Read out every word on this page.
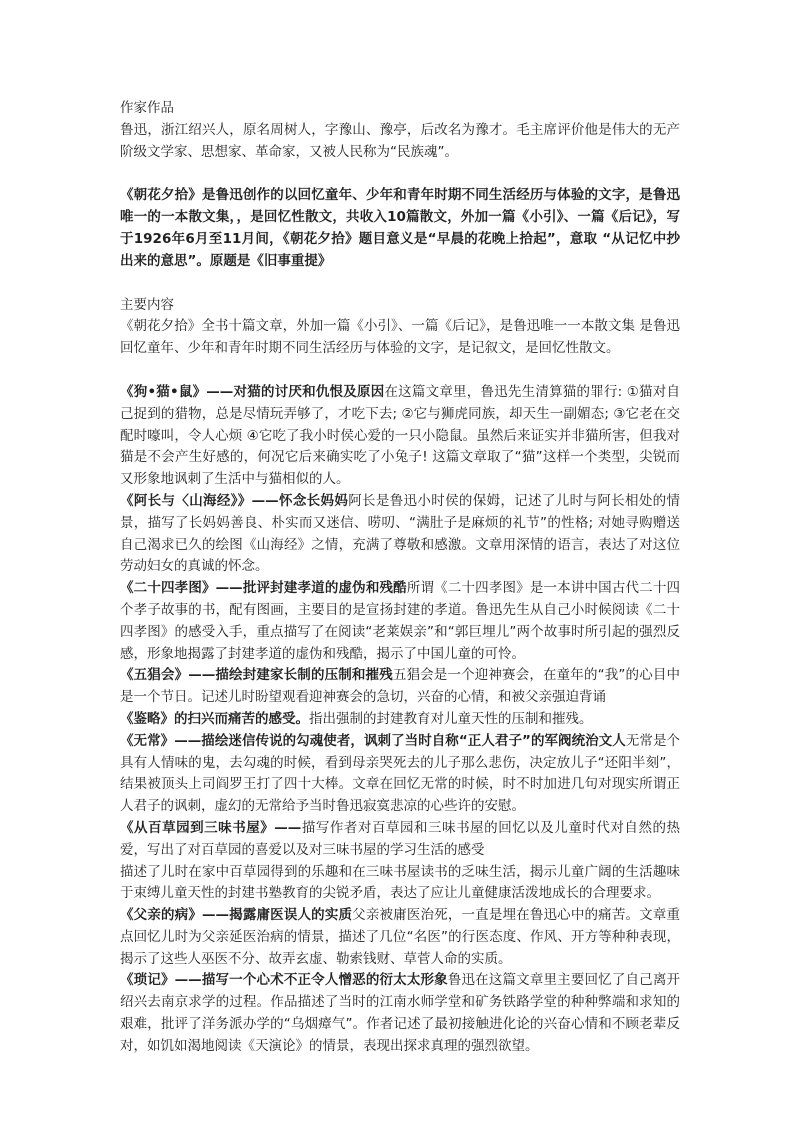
作家作品
鲁迅，浙江绍兴人，原名周树人，字豫山、豫亭，后改名为豫才。毛主席评价他是伟大的无产阶级文学家、思想家、革命家，又被人民称为“民族魂”。
《朝花夕拾》是鲁迅创作的以回忆童年、少年和青年时期不同生活经历与体验的文字，是鲁迅唯一的一本散文集，，是回忆性散文，共收入10篇散文，外加一篇《小引》、一篇《后记》，写于1926年6月至11月间，《朝花夕拾》题目意义是“早晨的花晚上拾起”，意取 “从记忆中抄出来的意思”。原题是《旧事重提》
主要内容
《朝花夕拾》全书十篇文章，外加一篇《小引》、一篇《后记》，是鲁迅唯一一本散文集 是鲁迅回忆童年、少年和青年时期不同生活经历与体验的文字，是记叙文，是回忆性散文。
《狗•猫•鼠》——对猫的讨厌和仇恨及原因在这篇文章里，鲁迅先生清算猫的罪行: ①猫对自己捉到的猎物，总是尽情玩弄够了，才吃下去; ②它与狮虎同族，却天生一副媚态; ③它老在交配时嚎叫，令人心烦 ④它吃了我小时侯心爱的一只小隐鼠。虽然后来证实并非猫所害，但我对猫是不会产生好感的，何况它后来确实吃了小兔子! 这篇文章取了“猫”这样一个类型，尖锐而又形象地讽刺了生活中与猫相似的人。
《阿长与〈山海经》》——怀念长妈妈阿长是鲁迅小时侯的保姆，记述了儿时与阿长相处的情景，描写了长妈妈善良、朴实而又迷信、唠叨、“满肚子是麻烦的礼节”的性格; 对她寻购赠送自己渴求已久的绘图《山海经》之情，充满了尊敬和感激。文章用深情的语言，表达了对这位劳动妇女的真诚的怀念。
《二十四孝图》——批评封建孝道的虚伪和残酷所谓《二十四孝图》是一本讲中国古代二十四个孝子故事的书，配有图画，主要目的是宣扬封建的孝道。鲁迅先生从自己小时候阅读《二十四孝图》的感受入手，重点描写了在阅读“老莱娱亲”和“郭巨埋儿”两个故事时所引起的强烈反感，形象地揭露了封建孝道的虚伪和残酷，揭示了中国儿童的可怜。
《五猖会》——描绘封建家长制的压制和摧残五猖会是一个迎神赛会，在童年的“我”的心目中是一个节日。记述儿时盼望观看迎神赛会的急切，兴奋的心情，和被父亲强迫背诵
《鉴略》的扫兴而痛苦的感受。指出强制的封建教育对儿童天性的压制和摧残。
《无常》——描绘迷信传说的勾魂使者，讽刺了当时自称“正人君子”的军阀统治文人无常是个具有人情味的鬼，去勾魂的时候，看到母亲哭死去的儿子那么悲伤，决定放儿子“还阳半刻”，结果被顶头上司阎罗王打了四十大棒。文章在回忆无常的时候，时不时加进几句对现实所谓正人君子的讽刺，虚幻的无常给予当时鲁迅寂寞悲凉的心些许的安慰。
《从百草园到三味书屋》——描写作者对百草园和三味书屋的回忆以及儿童时代对自然的热爱，写出了对百草园的喜爱以及对三味书屋的学习生活的感受
描述了儿时在家中百草园得到的乐趣和在三味书屋读书的乏味生活，揭示儿童广阔的生活趣味于束缚儿童天性的封建书塾教育的尖锐矛盾，表达了应让儿童健康活泼地成长的合理要求。
《父亲的病》——揭露庸医误人的实质父亲被庸医治死，一直是埋在鲁迅心中的痛苦。文章重点回忆儿时为父亲延医治病的情景，描述了几位“名医”的行医态度、作风、开方等种种表现，揭示了这些人巫医不分、故弄玄虚、勒索钱财、草菅人命的实质。
《琐记》——描写一个心术不正令人憎恶的衍太太形象鲁迅在这篇文章里主要回忆了自己离开绍兴去南京求学的过程。作品描述了当时的江南水师学堂和矿务铁路学堂的种种弊端和求知的艰难，批评了洋务派办学的“乌烟瘴气”。作者记述了最初接触进化论的兴奋心情和不顾老辈反对，如饥如渴地阅读《天演论》的情景，表现出探求真理的强烈欲望。
